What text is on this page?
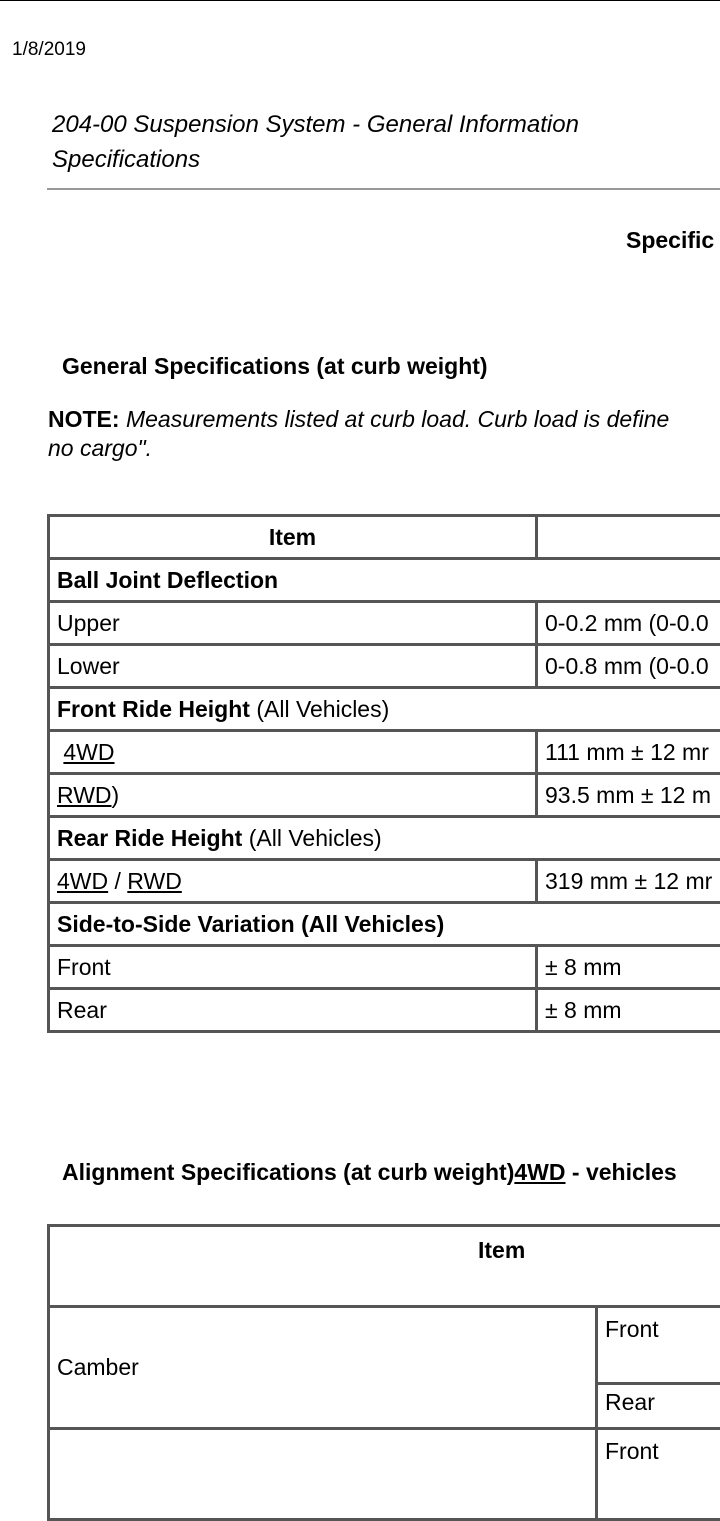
1/8/2019
204-00 Suspension System - General Information
Specifications
Specific
General Specifications (at curb weight)
NOTE: Measurements listed at curb load. Curb load is define
no cargo".
Item	
Ball Joint Deflection	
Upper	0-0.2 mm (0-0.0
Lower	0-0.8 mm (0-0.0
Front Ride Height (All Vehicles)	
4WD	111 mm ± 12 mr
RWD)	93.5 mm ± 12 m
Rear Ride Height (All Vehicles)	
4WD / RWD	319 mm ± 12 mr
Side-to-Side Variation (All Vehicles)	
Front	± 8 mm
Rear	± 8 mm
Alignment Specifications (at curb weight)4WD - vehicles
Item	
Camber	Front
	Rear
	Front
